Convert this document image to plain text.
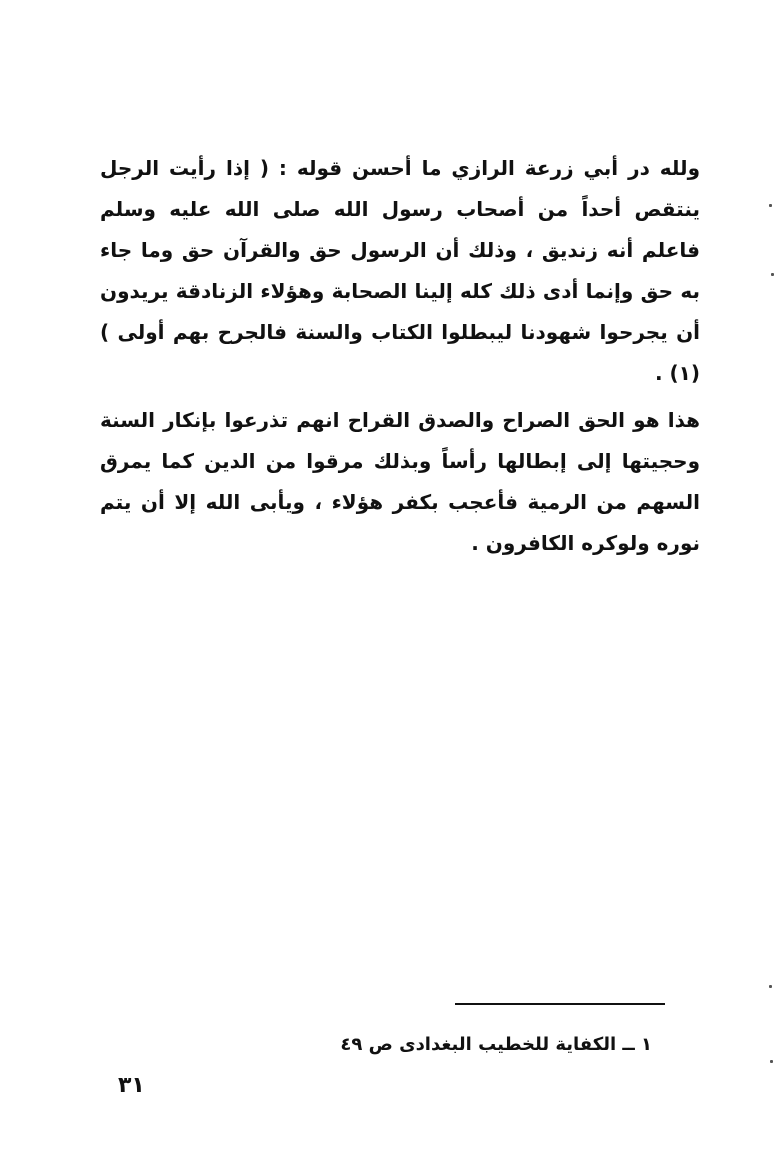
ولله در أبي زرعة الرازي ما أحسن قوله : ( إذا رأيت الرجل ينتقص أحداً من أصحاب رسول الله صلى الله عليه وسلم فاعلم أنه زنديق ، وذلك أن الرسول حق والقرآن حق وما جاء به حق وإنما أدى ذلك كله إلينا الصحابة وهؤلاء الزنادقة يريدون أن يجرحوا شهودنا ليبطلوا الكتاب والسنة فالجرح بهم أولى ) (١) .

هذا هو الحق الصراح والصدق القراح انهم تذرعوا بإنكار السنة وحجيتها إلى إبطالها رأساً وبذلك مرقوا من الدين كما يمرق السهم من الرمية فأعجب بكفر هؤلاء ، ويأبى الله إلا أن يتم نوره ولوكره الكافرون .

١ ــ الكفاية للخطيب البغدادى ص ٤٩
٣١
